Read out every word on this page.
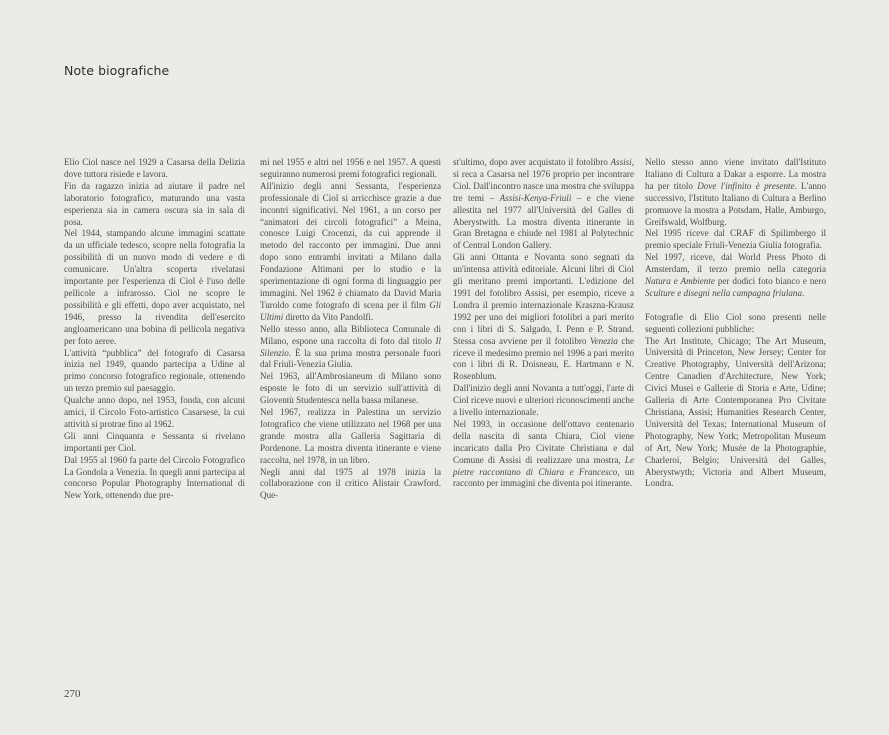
Note biografiche

Elio Ciol nasce nel 1929 a Casarsa della Delizia dove tuttora risiede e lavora.

Fin da ragazzo inizia ad aiutare il padre nel laboratorio fotografico, maturando una vasta esperienza sia in camera oscura sia in sala di posa.

Nel 1944, stampando alcune immagini scattate da un ufficiale tedesco, scopre nella fotografia la possibilità di un nuovo modo di vedere e di comunicare. Un'altra scoperta rivelatasi importante per l'esperienza di Ciol è l'uso delle pellicole a infrarosso. Ciol ne scopre le possibilità e gli effetti, dopo aver acquistato, nel 1946, presso la rivendita dell'esercito angloamericano una bobina di pellicola negativa per foto aeree.

L'attività “pubblica” del fotografo di Casarsa inizia nel 1949, quando partecipa a Udine al primo concorso fotografico regionale, ottenendo un terzo premio sul paesaggio.

Qualche anno dopo, nel 1953, fonda, con alcuni amici, il Circolo Foto-artistico Casarsese, la cui attività si protrae fino al 1962.

Gli anni Cinquanta e Sessanta si rivelano importanti per Ciol.

Dal 1955 al 1960 fa parte del Circolo Fotografico La Gondola a Venezia. In quegli anni partecipa al concorso Popular Photography International di New York, ottenendo due pre-

mi nel 1955 e altri nel 1956 e nel 1957. A questi seguiranno numerosi premi fotografici regionali.

All'inizio degli anni Sessanta, l'esperienza professionale di Ciol si arricchisce grazie a due incontri significativi. Nel 1961, a un corso per “animatori dei circoli fotografici” a Meina, conosce Luigi Crocenzi, da cui apprende il metodo del racconto per immagini. Due anni dopo sono entrambi invitati a Milano dalla Fondazione Altimani per lo studio e la sperimentazione di ogni forma di linguaggio per immagini. Nel 1962 è chiamato da David Maria Turoldo come fotografo di scena per il film Gli Ultimi diretto da Vito Pandolfi.

Nello stesso anno, alla Biblioteca Comunale di Milano, espone una raccolta di foto dal titolo Il Silenzio. È la sua prima mostra personale fuori dal Friuli-Venezia Giulia.

Nel 1963, all'Ambrosianeum di Milano sono esposte le foto di un servizio sull'attività di Gioventù Studentesca nella bassa milanese.

Nel 1967, realizza in Palestina un servizio fotografico che viene utilizzato nel 1968 per una grande mostra alla Galleria Sagittaria di Pordenone. La mostra diventa itinerante e viene raccolta, nel 1978, in un libro.

Negli anni dal 1975 al 1978 inizia la collaborazione con il critico Alistair Crawford. Que-

st'ultimo, dopo aver acquistato il fotolibro Assisi, si reca a Casarsa nel 1976 proprio per incontrare Ciol. Dall'incontro nasce una mostra che sviluppa tre temi – Assisi-Kenya-Friuli – e che viene allestita nel 1977 all'Università del Galles di Aberystwith. La mostra diventa itinerante in Gran Bretagna e chiude nel 1981 al Polytechnic of Central London Gallery.

Gli anni Ottanta e Novanta sono segnati da un'intensa attività editoriale. Alcuni libri di Ciol gli meritano premi importanti. L'edizione del 1991 del fotolibro Assisi, per esempio, riceve a Londra il premio internazionale Kraszna-Krausz 1992 per uno dei migliori fotolibri a pari merito con i libri di S. Salgado, I. Penn e P. Strand. Stessa cosa avviene per il fotolibro Venezia che riceve il medesimo premio nel 1996 a pari merito con i libri di R. Doisneau, E. Hartmann e N. Rosenblum.

Dall'inizio degli anni Novanta a tutt'oggi, l'arte di Ciol riceve nuovi e ulteriori riconoscimenti anche a livello internazionale.

Nel 1993, in occasione dell'ottavo centenario della nascita di santa Chiara, Ciol viene incaricato dalla Pro Civitate Christiana e dal Comune di Assisi di realizzare una mostra, Le pietre raccontano di Chiara e Francesco, un racconto per immagini che diventa poi itinerante.

Nello stesso anno viene invitato dall'Istituto Italiano di Cultura a Dakar a esporre. La mostra ha per titolo Dove l'infinito è presente. L'anno successivo, l'Istituto Italiano di Cultura a Berlino promuove la mostra a Potsdam, Halle, Amburgo, Greifswald, Wolfburg.

Nel 1995 riceve dal CRAF di Spilimbergo il premio speciale Friuli-Venezia Giulia fotografia.

Nel 1997, riceve, dal World Press Photo di Amsterdam, il terzo premio nella categoria Natura e Ambiente per dodici foto bianco e nero Sculture e disegni nella campagna friulana.

Fotografie di Elio Ciol sono presenti nelle seguenti collezioni pubbliche:

The Art Institute, Chicago; The Art Museum, Università di Princeton, New Jersey; Center for Creative Photography, Università dell'Arizona; Centre Canadien d'Architecture, New York; Civici Musei e Gallerie di Storia e Arte, Udine; Galleria di Arte Contemporanea Pro Civitate Christiana, Assisi; Humanities Research Center, Università del Texas; International Museum of Photography, New York; Metropolitan Museum of Art, New York; Musée de la Photographie, Charleroi, Belgio; Università del Galles, Aberystwyth; Victoria and Albert Museum, Londra.

270
